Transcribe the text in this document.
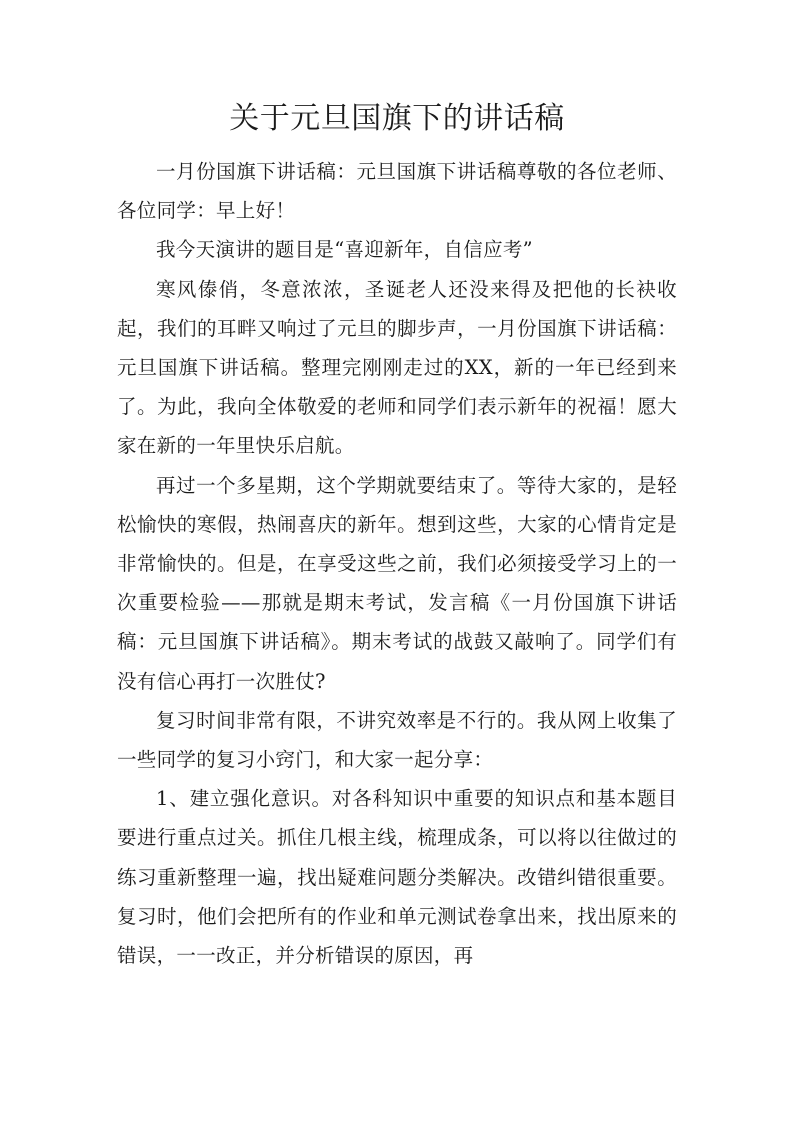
关于元旦国旗下的讲话稿

一月份国旗下讲话稿：元旦国旗下讲话稿尊敬的各位老师、各位同学：早上好！

我今天演讲的题目是“喜迎新年，自信应考”

寒风傣俏，冬意浓浓，圣诞老人还没来得及把他的长袂收起，我们的耳畔又响过了元旦的脚步声，一月份国旗下讲话稿：元旦国旗下讲话稿。整理完刚刚走过的XX，新的一年已经到来了。为此，我向全体敬爱的老师和同学们表示新年的祝福！愿大家在新的一年里快乐启航。

再过一个多星期，这个学期就要结束了。等待大家的，是轻松愉快的寒假，热闹喜庆的新年。想到这些，大家的心情肯定是非常愉快的。但是，在享受这些之前，我们必须接受学习上的一次重要检验——那就是期末考试，发言稿《一月份国旗下讲话稿：元旦国旗下讲话稿》。期末考试的战鼓又敲响了。同学们有没有信心再打一次胜仗?

复习时间非常有限，不讲究效率是不行的。我从网上收集了一些同学的复习小窍门，和大家一起分享：

1、建立强化意识。对各科知识中重要的知识点和基本题目要进行重点过关。抓住几根主线，梳理成条，可以将以往做过的练习重新整理一遍，找出疑难问题分类解决。改错纠错很重要。复习时，他们会把所有的作业和单元测试卷拿出来，找出原来的错误，一一改正，并分析错误的原因，再
